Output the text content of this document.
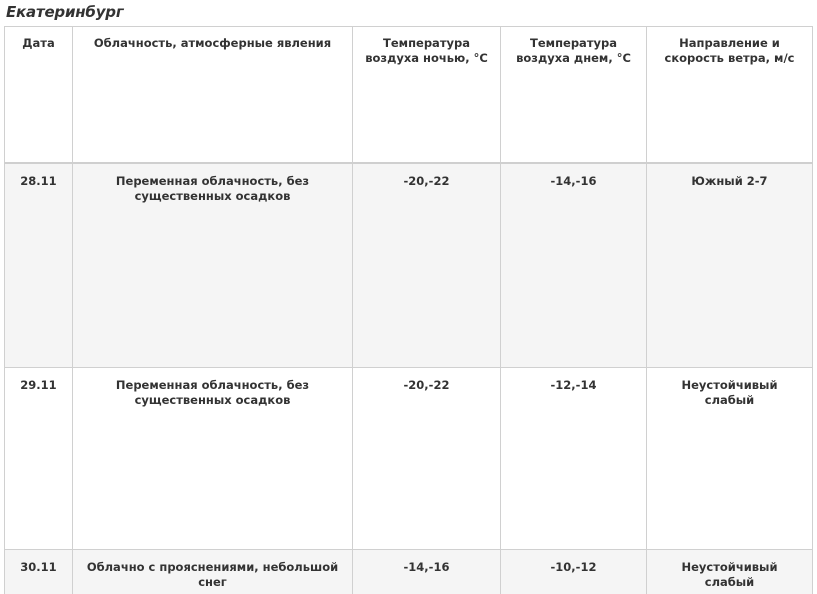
Екатеринбург
Дата	Облачность, атмосферные явления	Температура воздуха ночью, °С	Температура воздуха днем, °С	Направление и скорость ветра, м/с
28.11	Переменная облачность, без существенных осадков	-20,-22	-14,-16	Южный 2-7
29.11	Переменная облачность, без существенных осадков	-20,-22	-12,-14	Неустойчивый слабый
30.11	Облачно с прояснениями, небольшой снег	-14,-16	-10,-12	Неустойчивый слабый
